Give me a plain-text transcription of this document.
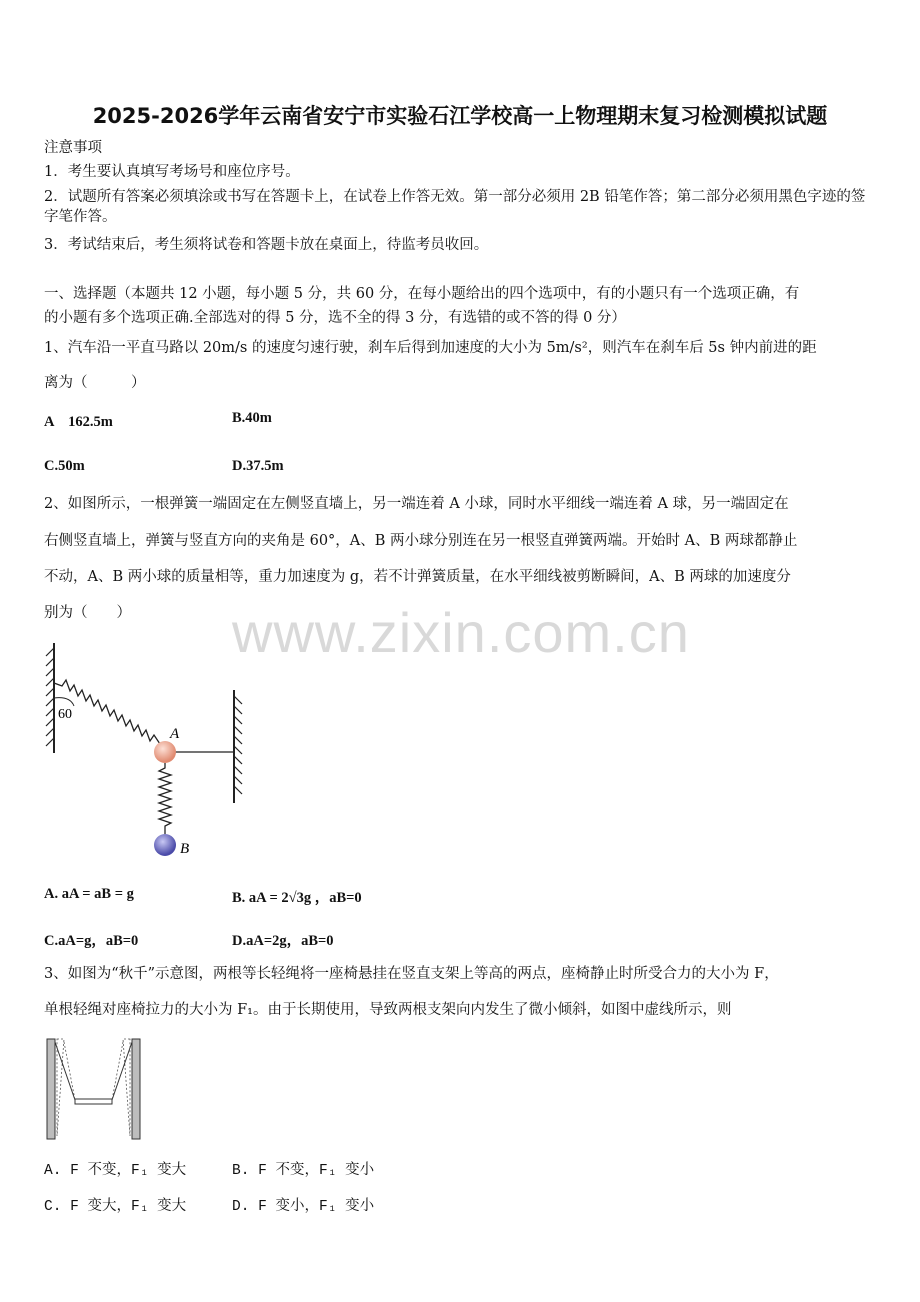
2025-2026学年云南省安宁市实验石江学校高一上物理期末复习检测模拟试题
注意事项
1．考生要认真填写考场号和座位序号。
2．试题所有答案必须填涂或书写在答题卡上，在试卷上作答无效。第一部分必须用 2B 铅笔作答；第二部分必须用黑色字迹的签字笔作答。
3．考试结束后，考生须将试卷和答题卡放在桌面上，待监考员收回。
一、选择题（本题共 12 小题，每小题 5 分，共 60 分，在每小题给出的四个选项中，有的小题只有一个选项正确，有
的小题有多个选项正确.全部选对的得 5 分，选不全的得 3 分，有选错的或不答的得 0 分）
1、汽车沿一平直马路以 20m/s 的速度匀速行驶，刹车后得到加速度的大小为 5m/s²，则汽车在刹车后 5s 钟内前进的距
离为（　　　）
A　162.5m	B.40m
C.50m	D.37.5m
2、如图所示，一根弹簧一端固定在左侧竖直墙上，另一端连着 A 小球，同时水平细线一端连着 A 球，另一端固定在
右侧竖直墙上，弹簧与竖直方向的夹角是 60°，A、B 两小球分别连在另一根竖直弹簧两端。开始时 A、B 两球都静止
不动，A、B 两小球的质量相等，重力加速度为 g，若不计弹簧质量，在水平细线被剪断瞬间，A、B 两球的加速度分
别为（　　）	www.zixin.com.cn
60
A
B
A. aA = aB = g	B. aA = 2√3g ，aB=0
C.aA=g，aB=0	D.aA=2g，aB=0
3、如图为“秋千”示意图，两根等长轻绳将一座椅悬挂在竖直支架上等高的两点，座椅静止时所受合力的大小为 F，
单根轻绳对座椅拉力的大小为 F₁。由于长期使用，导致两根支架向内发生了微小倾斜，如图中虚线所示，则
A. F 不变，F₁ 变大	B. F 不变，F₁ 变小
C. F 变大，F₁ 变大	D. F 变小，F₁ 变小
